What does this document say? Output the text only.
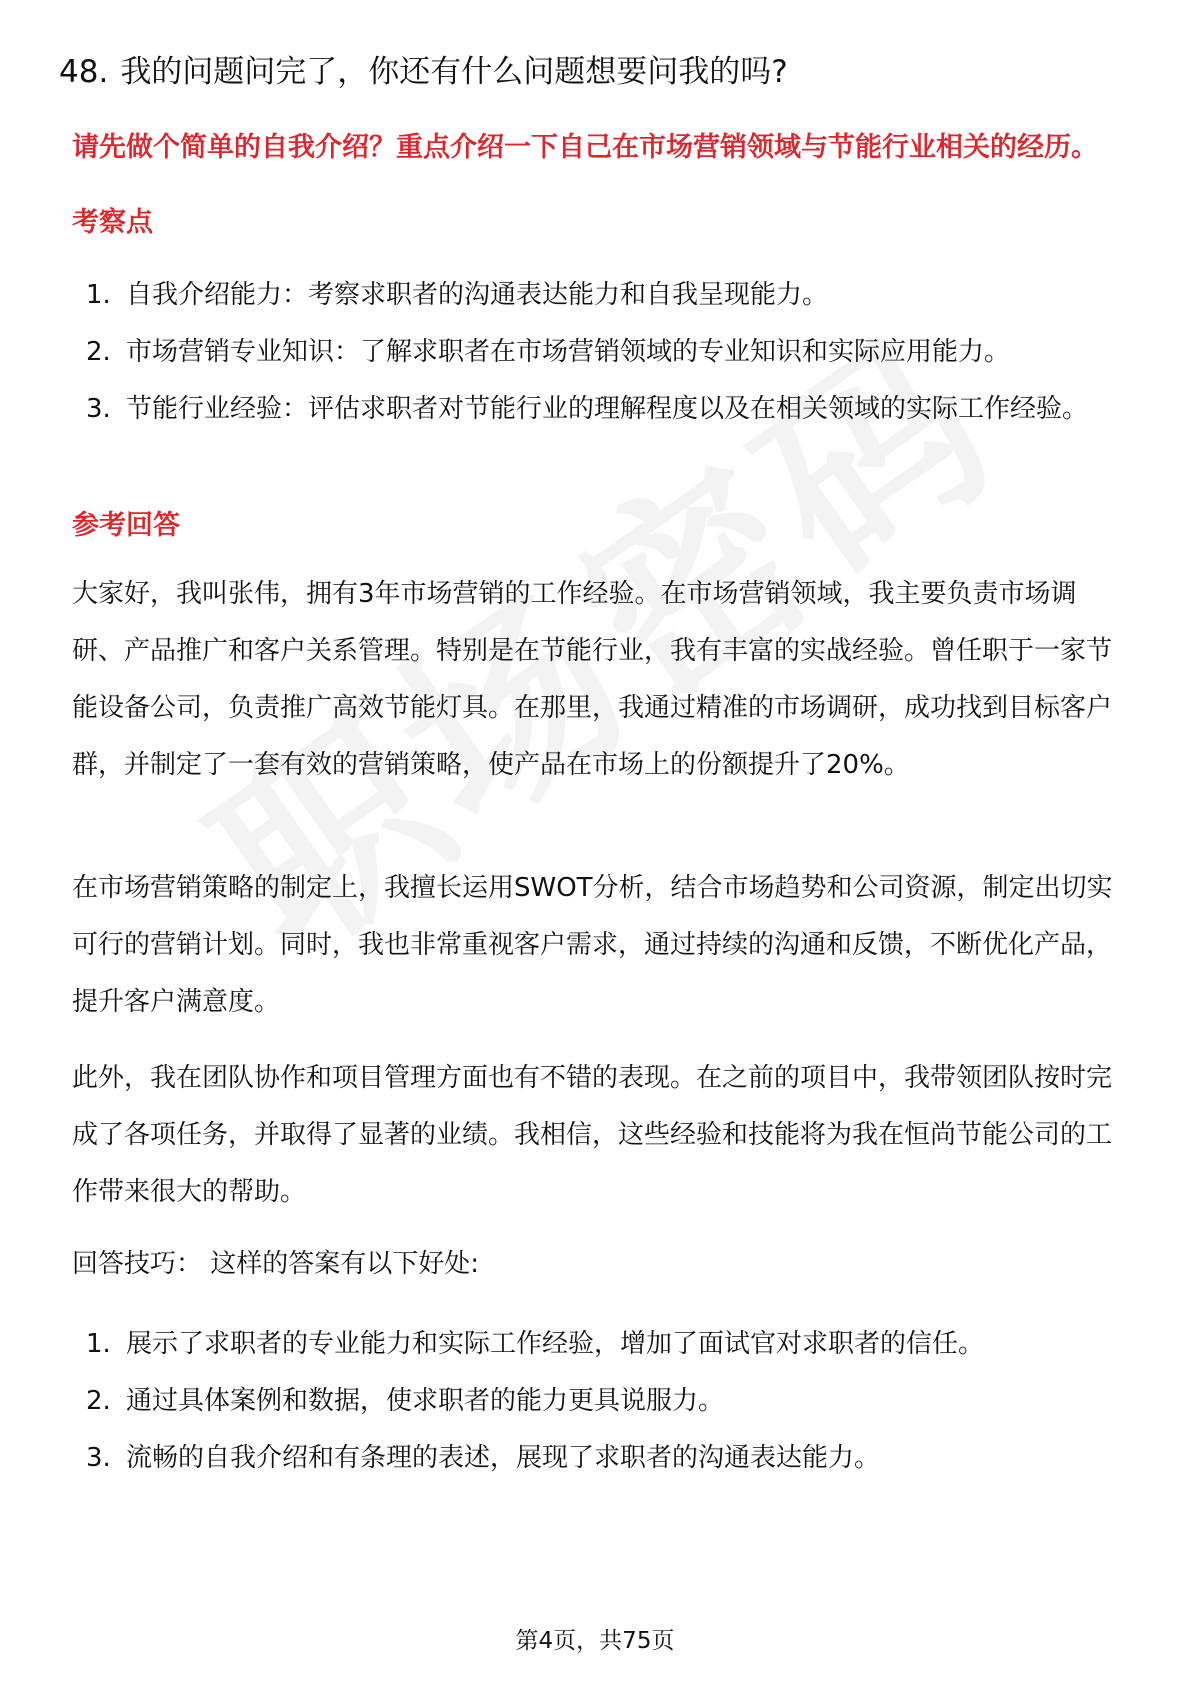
48. 我的问题问完了，你还有什么问题想要问我的吗?
请先做个简单的自我介绍？重点介绍一下自己在市场营销领域与节能行业相关的经历。
考察点
1. 自我介绍能力：考察求职者的沟通表达能力和自我呈现能力。
2. 市场营销专业知识：了解求职者在市场营销领域的专业知识和实际应用能力。
3. 节能行业经验：评估求职者对节能行业的理解程度以及在相关领域的实际工作经验。
参考回答

大家好，我叫张伟，拥有3年市场营销的工作经验。在市场营销领域，我主要负责市场调研、产品推广和客户关系管理。特别是在节能行业，我有丰富的实战经验。曾任职于一家节能设备公司，负责推广高效节能灯具。在那里，我通过精准的市场调研，成功找到目标客户群，并制定了一套有效的营销策略，使产品在市场上的份额提升了20%。

在市场营销策略的制定上，我擅长运用SWOT分析，结合市场趋势和公司资源，制定出切实可行的营销计划。同时，我也非常重视客户需求，通过持续的沟通和反馈，不断优化产品，提升客户满意度。

此外，我在团队协作和项目管理方面也有不错的表现。在之前的项目中，我带领团队按时完成了各项任务，并取得了显著的业绩。我相信，这些经验和技能将为我在恒尚节能公司的工作带来很大的帮助。

回答技巧： 这样的答案有以下好处:

1. 展示了求职者的专业能力和实际工作经验，增加了面试官对求职者的信任。
2. 通过具体案例和数据，使求职者的能力更具说服力。
3. 流畅的自我介绍和有条理的表述，展现了求职者的沟通表达能力。
第4页，共75页
